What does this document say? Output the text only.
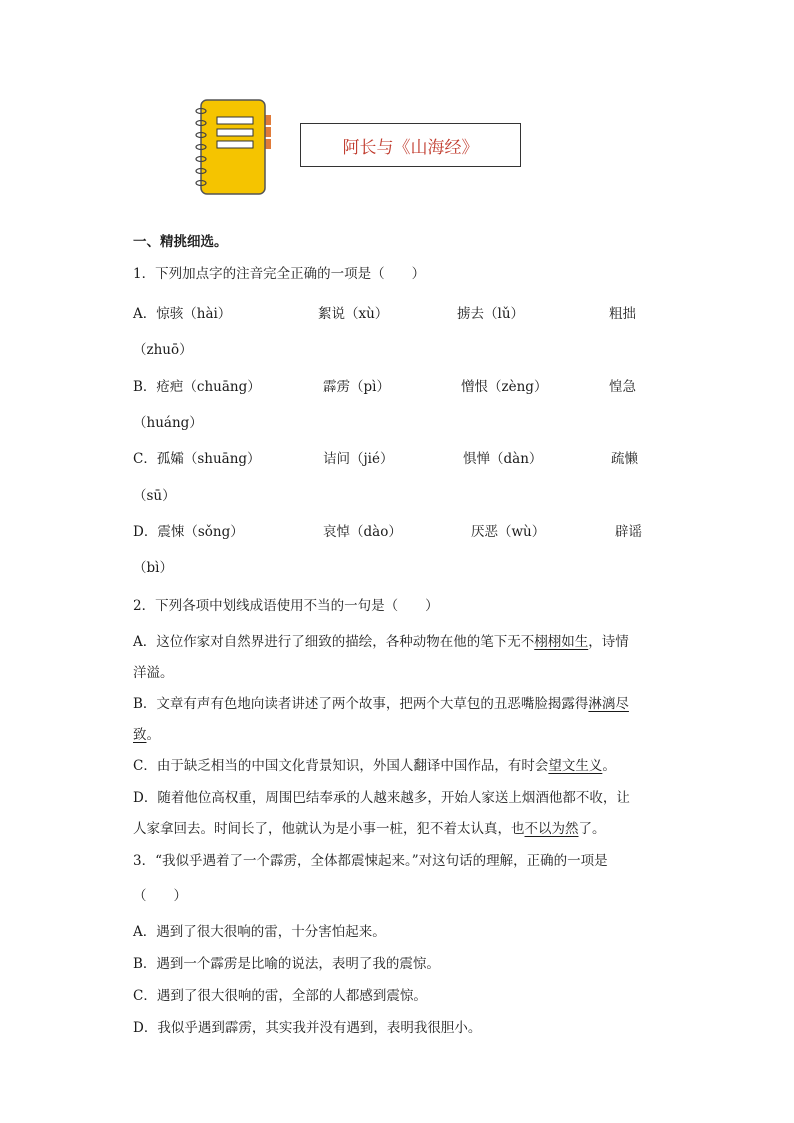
阿长与《山海经》
一、精挑细选。
1．下列加点字的注音完全正确的一项是（　　）
A．惊骇（hài）	絮说（xù）	掳去（lǔ）	粗拙
（zhuō）
B．疮疤（chuāng）	霹雳（pì）	憎恨（zèng）	惶急
（huáng）
C．孤孀（shuāng）	诘问（jié）	惧惮（dàn）	疏懒
（sū）
D．震悚（sǒng）	哀悼（dào）	厌恶（wù）	辟谣
（bì）
2．下列各项中划线成语使用不当的一句是（　　）
A．这位作家对自然界进行了细致的描绘，各种动物在他的笔下无不栩栩如生，诗情
洋溢。
B．文章有声有色地向读者讲述了两个故事，把两个大草包的丑恶嘴脸揭露得淋漓尽
致。
C．由于缺乏相当的中国文化背景知识，外国人翻译中国作品，有时会望文生义。
D．随着他位高权重，周围巴结奉承的人越来越多，开始人家送上烟酒他都不收，让
人家拿回去。时间长了，他就认为是小事一桩，犯不着太认真，也不以为然了。
3．“我似乎遇着了一个霹雳，全体都震悚起来。”对这句话的理解，正确的一项是
（　　）
A．遇到了很大很响的雷，十分害怕起来。
B．遇到一个霹雳是比喻的说法，表明了我的震惊。
C．遇到了很大很响的雷，全部的人都感到震惊。
D．我似乎遇到霹雳，其实我并没有遇到，表明我很胆小。
